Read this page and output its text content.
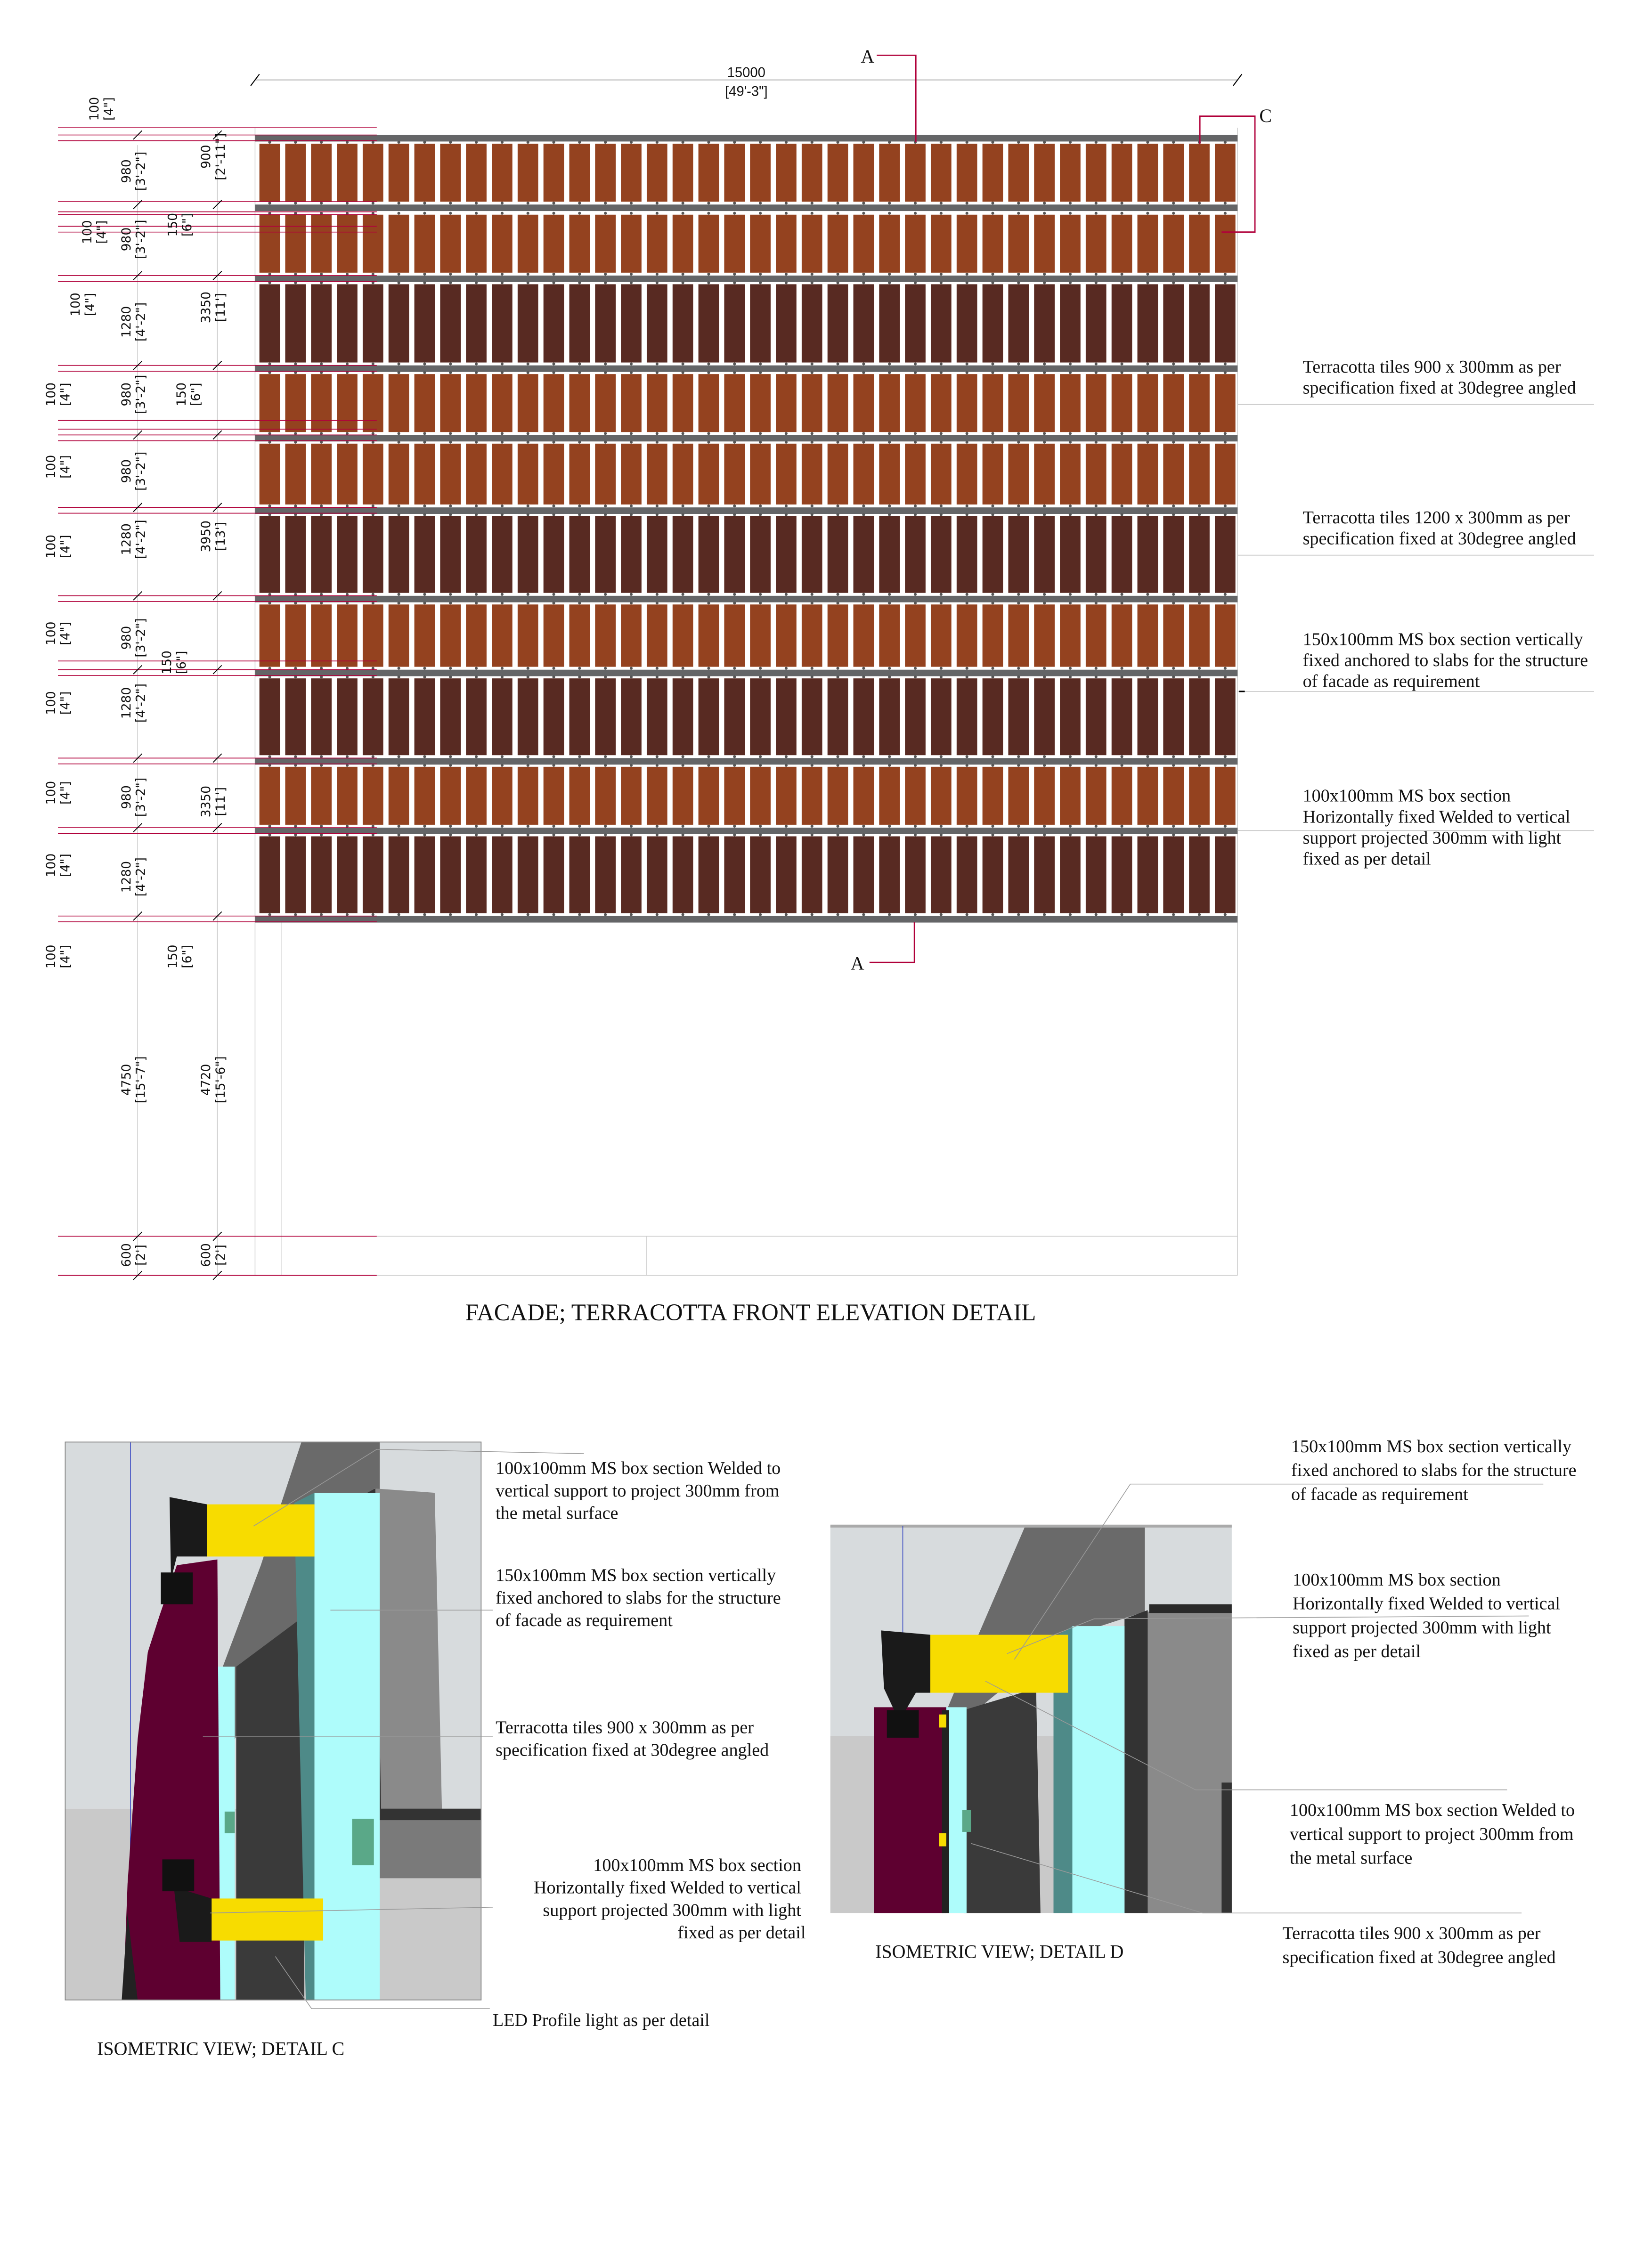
15000
[49'-3"]
100 [4"]
980 [3'-2"]	900 [2'-11"]
100 [4"] 980 [3'-2"]	150 [6"]
100 [4"]
1280 [4'-2"]	3350 [11']
100 [4"]	980 [3'-2"]	150 [6"]
100 [4"]	980 [3'-2"]
100 [4"]	1280 [4'-2"]	3950 [13']
100 [4"]	980 [3'-2"]
150 [6"]
100 [4"]	1280 [4'-2"]
100 [4"]	980 [3'-2"]	3350 [11']
100 [4"]	1280 [4'-2"]
100 [4"]	150 [6"]
4750 [15'-7"]	4720 [15'-6"]
600 [2']	600 [2']
A
A
C
Terracotta tiles 900 x 300mm as per specification fixed at 30degree angled
Terracotta tiles 1200 x 300mm as per specification fixed at 30degree angled
150x100mm MS box section vertically fixed anchored to slabs for the structure of facade as requirement
100x100mm MS box section Horizontally fixed Welded to vertical support projected 300mm with light fixed as per detail
FACADE; TERRACOTTA FRONT ELEVATION DETAIL
100x100mm MS box section Welded to vertical support to project 300mm from the metal surface
150x100mm MS box section vertically fixed anchored to slabs for the structure of facade as requirement
Terracotta tiles 900 x 300mm as per specification fixed at 30degree angled
100x100mm MS box section Horizontally fixed Welded to vertical support projected 300mm with light fixed as per detail
LED Profile light as per detail
ISOMETRIC VIEW; DETAIL C
150x100mm MS box section vertically fixed anchored to slabs for the structure of facade as requirement
100x100mm MS box section Horizontally fixed Welded to vertical support projected 300mm with light fixed as per detail
100x100mm MS box section Welded to vertical support to project 300mm from the metal surface
Terracotta tiles 900 x 300mm as per specification fixed at 30degree angled
ISOMETRIC VIEW; DETAIL D
